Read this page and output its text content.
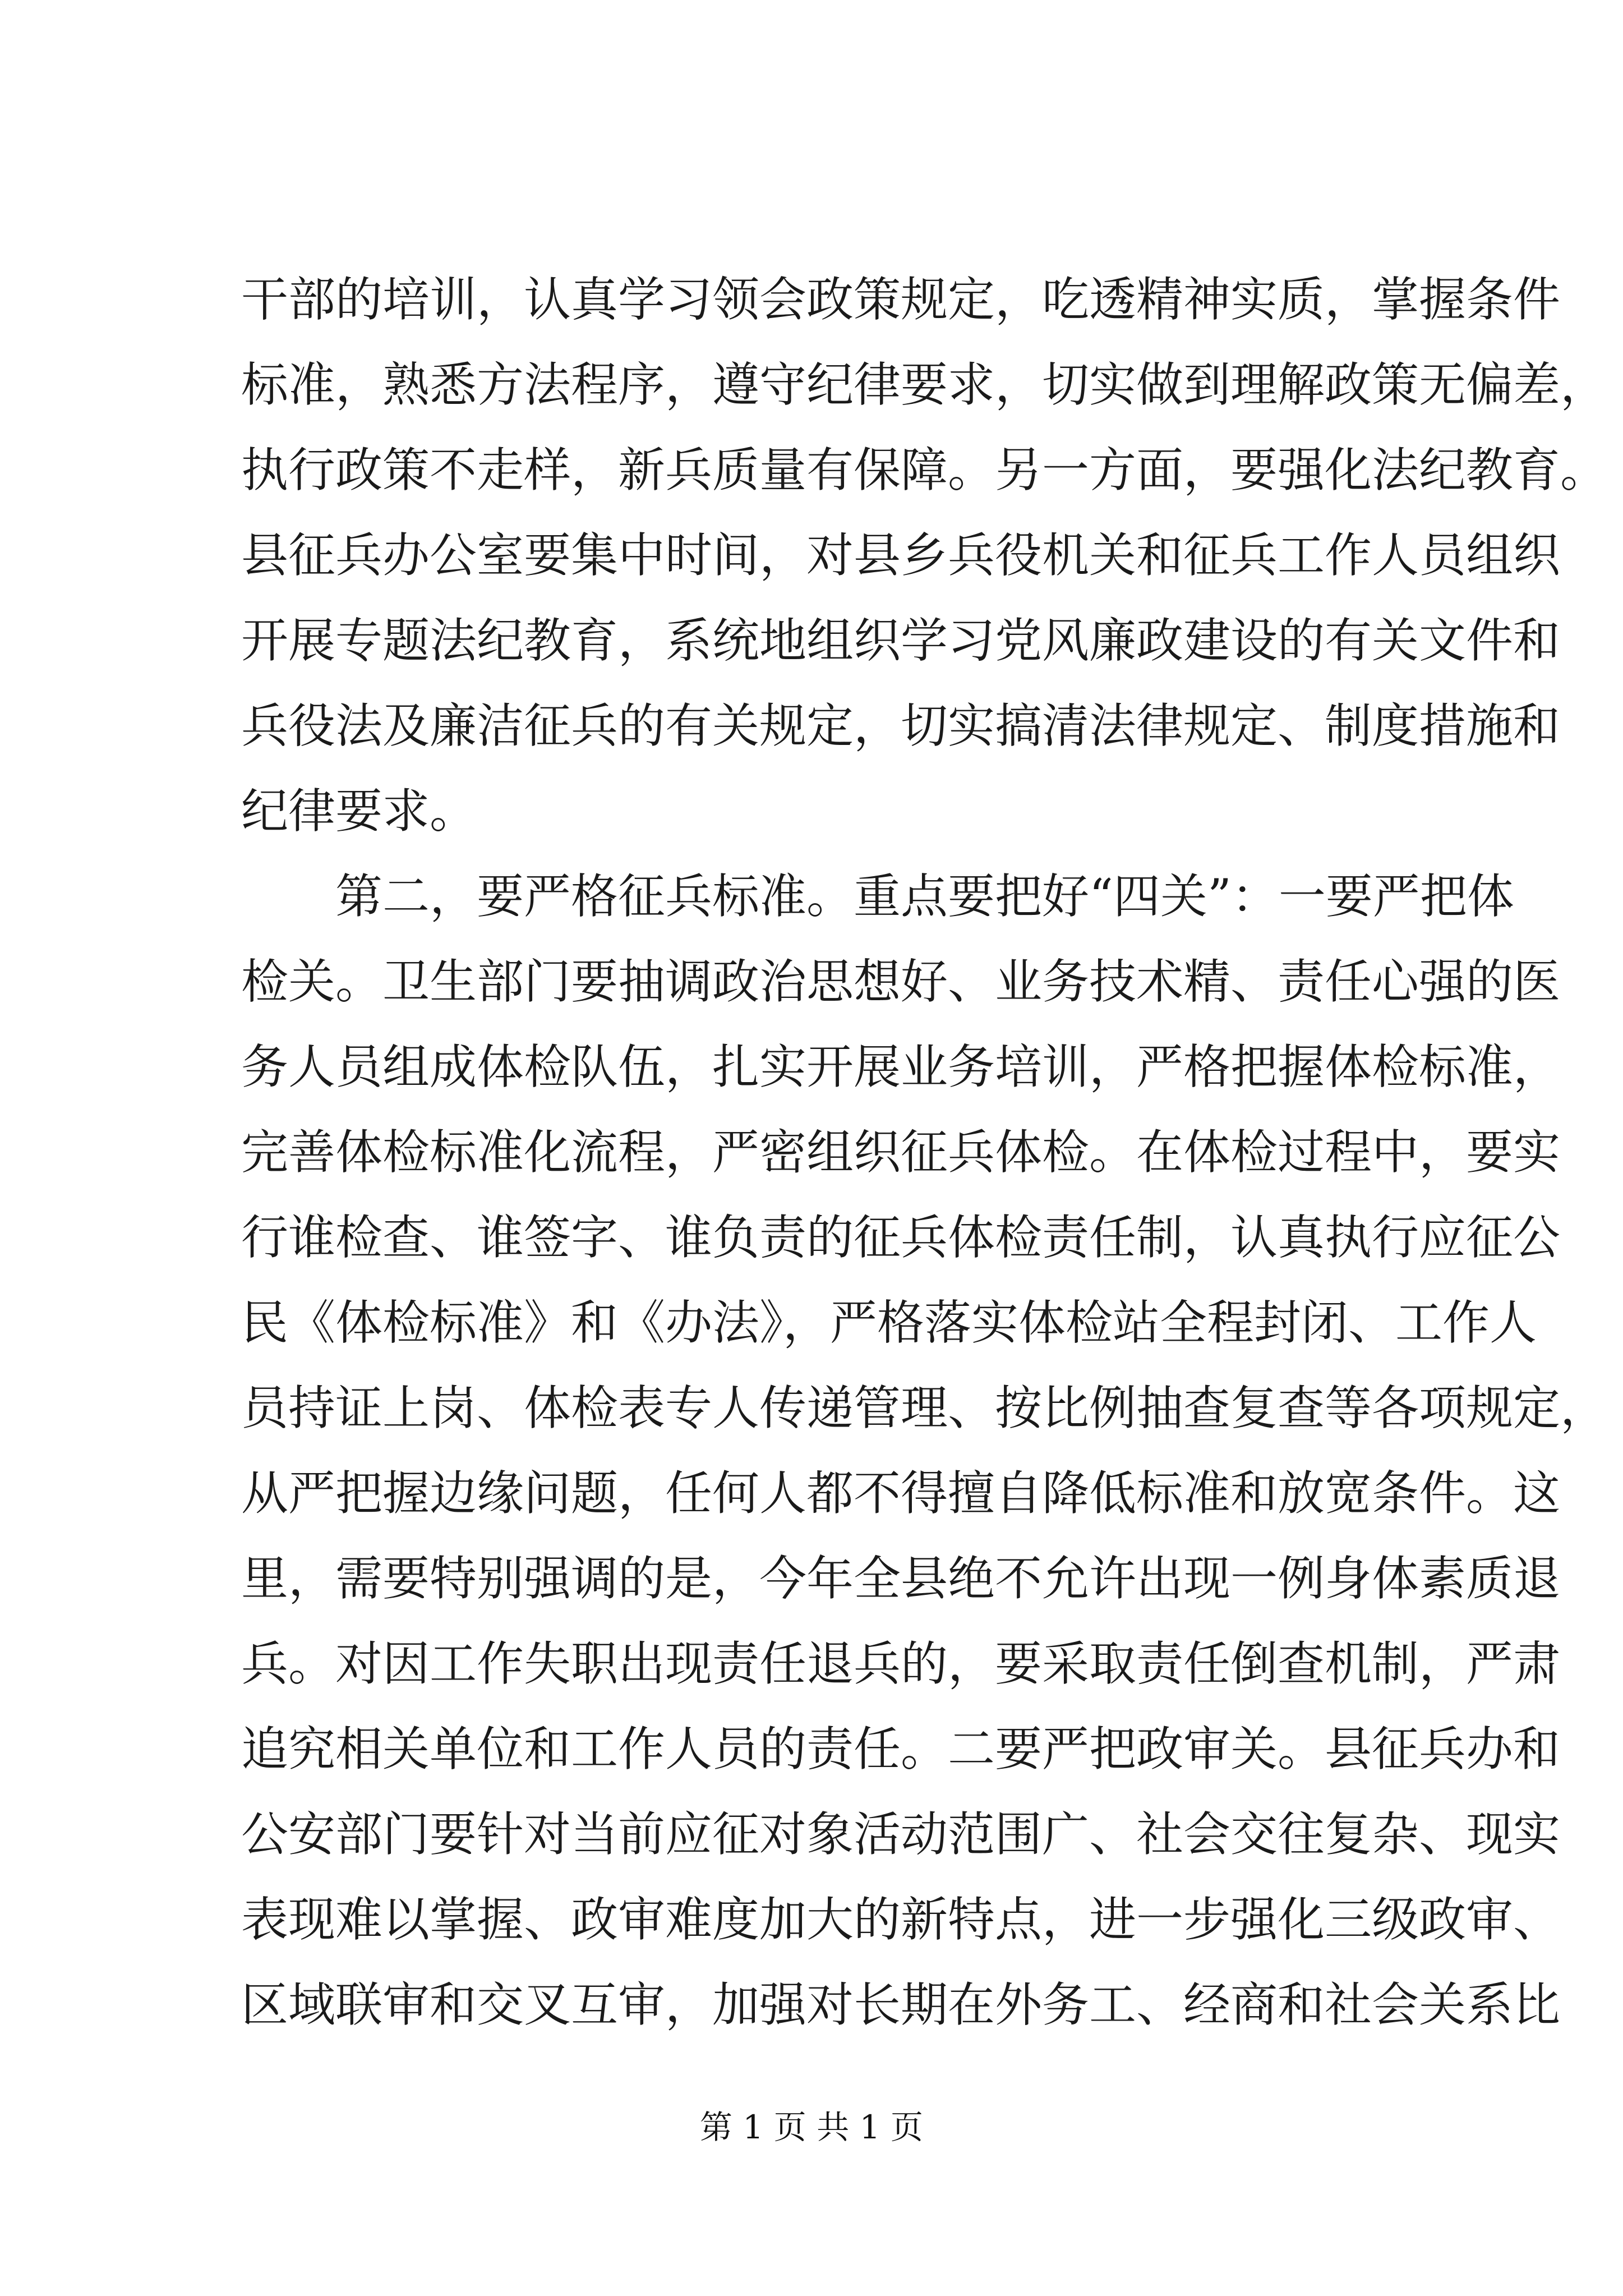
干部的培训，认真学习领会政策规定，吃透精神实质，掌握条件
标准，熟悉方法程序，遵守纪律要求，切实做到理解政策无偏差，
执行政策不走样，新兵质量有保障。另一方面，要强化法纪教育。
县征兵办公室要集中时间，对县乡兵役机关和征兵工作人员组织
开展专题法纪教育，系统地组织学习党风廉政建设的有关文件和
兵役法及廉洁征兵的有关规定，切实搞清法律规定、制度措施和
纪律要求。
第二，要严格征兵标准。重点要把好“四关”：一要严把体
检关。卫生部门要抽调政治思想好、业务技术精、责任心强的医
务人员组成体检队伍，扎实开展业务培训，严格把握体检标准，
完善体检标准化流程，严密组织征兵体检。在体检过程中，要实
行谁检查、谁签字、谁负责的征兵体检责任制，认真执行应征公
民《体检标准》和《办法》，严格落实体检站全程封闭、工作人
员持证上岗、体检表专人传递管理、按比例抽查复查等各项规定，
从严把握边缘问题，任何人都不得擅自降低标准和放宽条件。这
里，需要特别强调的是，今年全县绝不允许出现一例身体素质退
兵。对因工作失职出现责任退兵的，要采取责任倒查机制，严肃
追究相关单位和工作人员的责任。二要严把政审关。县征兵办和
公安部门要针对当前应征对象活动范围广、社会交往复杂、现实
表现难以掌握、政审难度加大的新特点，进一步强化三级政审、
区域联审和交叉互审，加强对长期在外务工、经商和社会关系比
第 1 页 共 1 页
